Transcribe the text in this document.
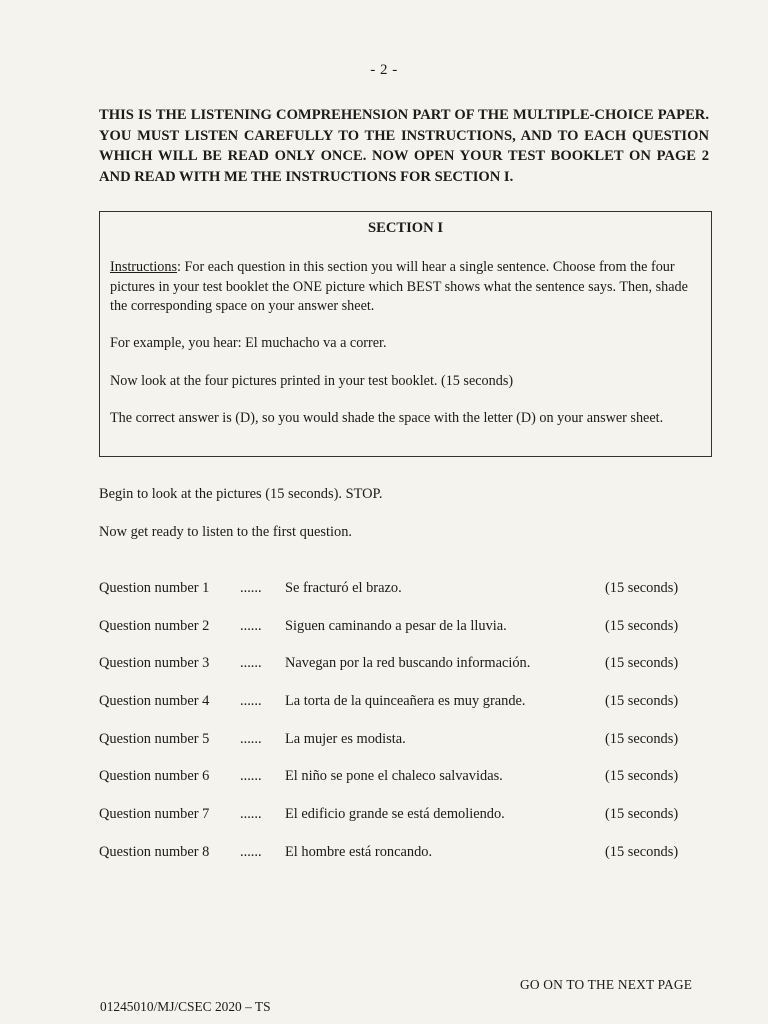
- 2 -
THIS IS THE LISTENING COMPREHENSION PART OF THE MULTIPLE-CHOICE PAPER. YOU MUST LISTEN CAREFULLY TO THE INSTRUCTIONS, AND TO EACH QUESTION WHICH WILL BE READ ONLY ONCE. NOW OPEN YOUR TEST BOOKLET ON PAGE 2 AND READ WITH ME THE INSTRUCTIONS FOR SECTION I.
SECTION I
Instructions: For each question in this section you will hear a single sentence. Choose from the four pictures in your test booklet the ONE picture which BEST shows what the sentence says. Then, shade the corresponding space on your answer sheet.
For example, you hear: El muchacho va a correr.
Now look at the four pictures printed in your test booklet. (15 seconds)
The correct answer is (D), so you would shade the space with the letter (D) on your answer sheet.
Begin to look at the pictures (15 seconds). STOP.
Now get ready to listen to the first question.
Question number 1 ...... Se fracturó el brazo.	(15 seconds)
Question number 2 ...... Siguen caminando a pesar de la lluvia.	(15 seconds)
Question number 3 ...... Navegan por la red buscando información.	(15 seconds)
Question number 4 ...... La torta de la quinceañera es muy grande.	(15 seconds)
Question number 5 ...... La mujer es modista.	(15 seconds)
Question number 6 ...... El niño se pone el chaleco salvavidas.	(15 seconds)
Question number 7 ...... El edificio grande se está demoliendo.	(15 seconds)
Question number 8 ...... El hombre está roncando.	(15 seconds)
GO ON TO THE NEXT PAGE
01245010/MJ/CSEC 2020 – TS
